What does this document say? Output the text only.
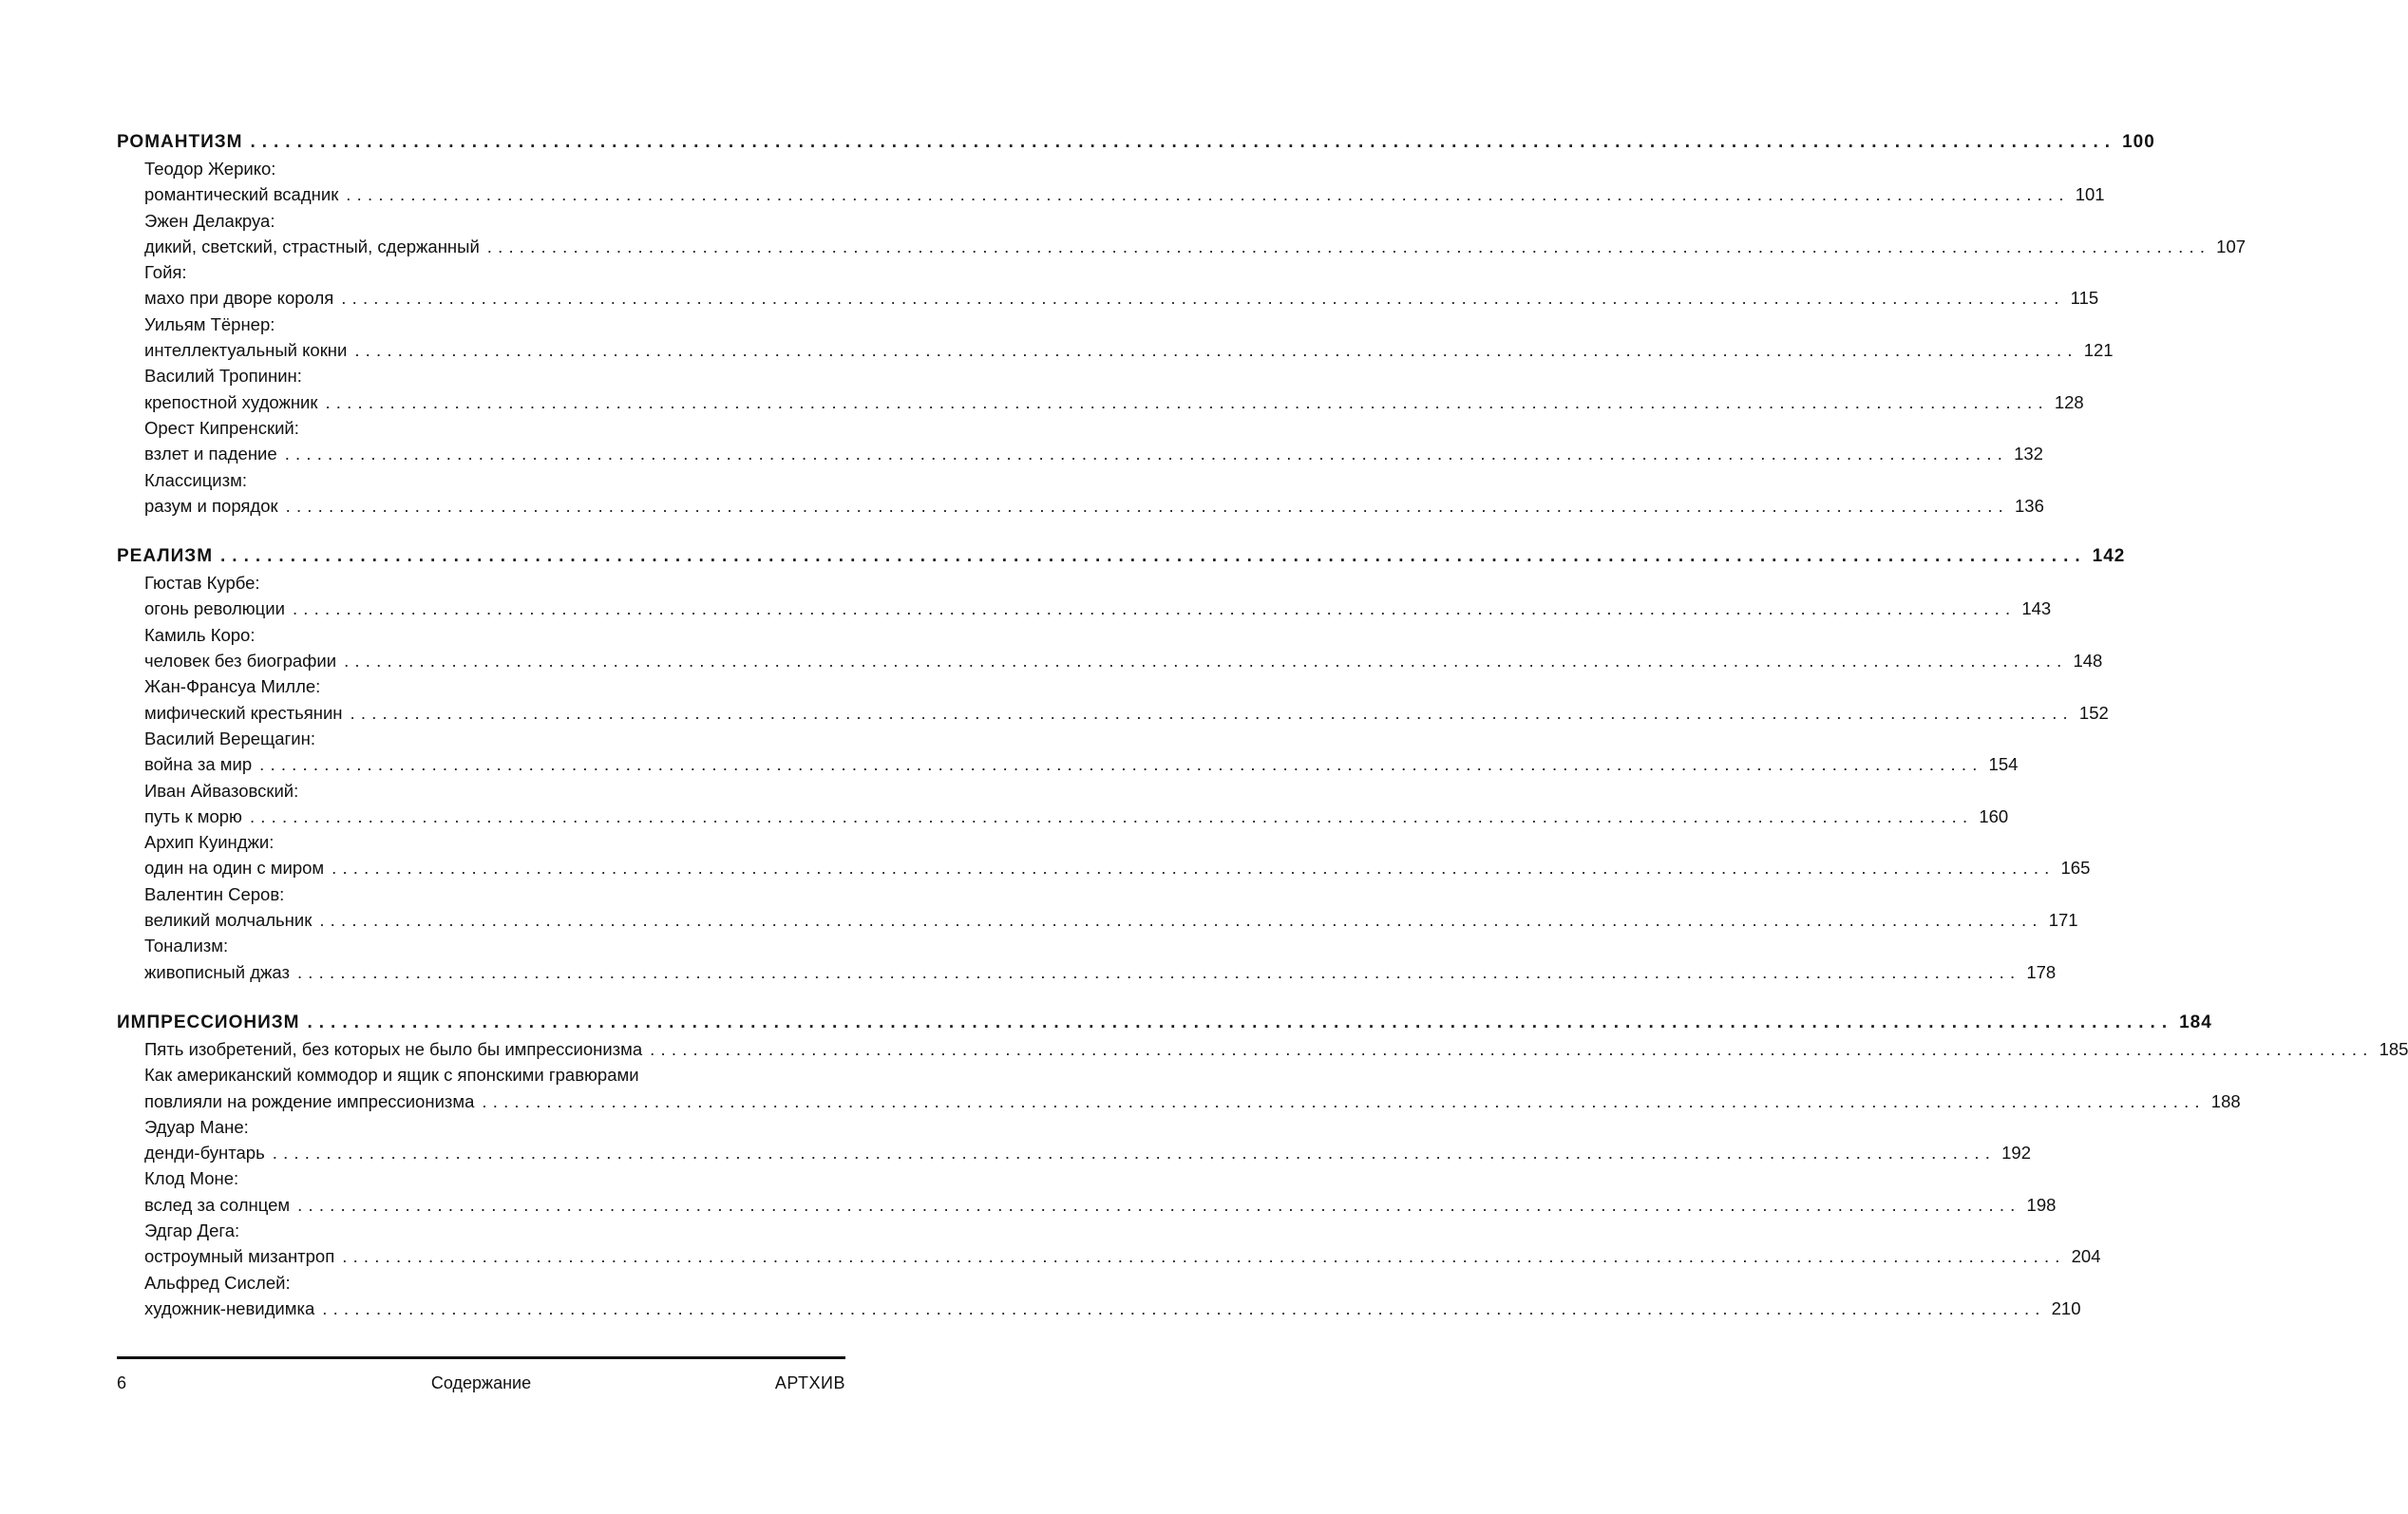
РОМАНТИЗМ ................................................................................................................................................................ 100
Теодор Жерико:
романтический всадник ................................................................................................................................................................ 101
Эжен Делакруа:
дикий, светский, страстный, сдержанный ................................................................................................................................................................ 107
Гойя:
махо при дворе короля ................................................................................................................................................................ 115
Уильям Тёрнер:
интеллектуальный кокни ................................................................................................................................................................ 121
Василий Тропинин:
крепостной художник ................................................................................................................................................................ 128
Орест Кипренский:
взлет и падение ................................................................................................................................................................ 132
Классицизм:
разум и порядок ................................................................................................................................................................ 136
РЕАЛИЗМ ................................................................................................................................................................ 142
Гюстав Курбе:
огонь революции ................................................................................................................................................................ 143
Камиль Коро:
человек без биографии ................................................................................................................................................................ 148
Жан-Франсуа Милле:
мифический крестьянин ................................................................................................................................................................ 152
Василий Верещагин:
война за мир ................................................................................................................................................................ 154
Иван Айвазовский:
путь к морю ................................................................................................................................................................ 160
Архип Куинджи:
один на один с миром ................................................................................................................................................................ 165
Валентин Серов:
великий молчальник ................................................................................................................................................................ 171
Тонализм:
живописный джаз ................................................................................................................................................................ 178
ИМПРЕССИОНИЗМ ................................................................................................................................................................ 184
Пять изобретений, без которых не было бы импрессионизма ................................................................................................................................................................ 185
Как американский коммодор и ящик с японскими гравюрами
повлияли на рождение импрессионизма ................................................................................................................................................................ 188
Эдуар Мане:
денди-бунтарь ................................................................................................................................................................ 192
Клод Моне:
вслед за солнцем ................................................................................................................................................................ 198
Эдгар Дега:
остроумный мизантроп ................................................................................................................................................................ 204
Альфред Сислей:
художник-невидимка ................................................................................................................................................................ 210
6	Содержание	АРТХИВ
